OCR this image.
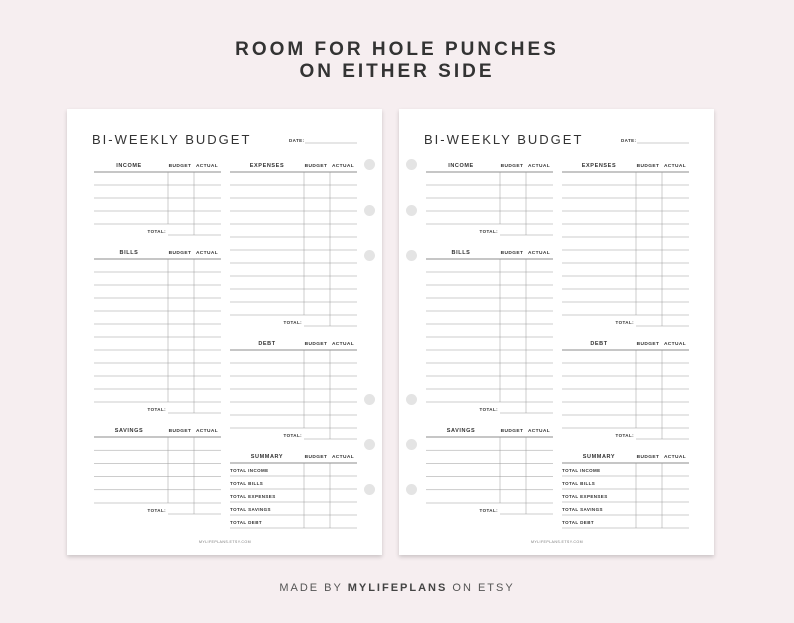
ROOM FOR HOLE PUNCHES
ON EITHER SIDE
BI-WEEKLY BUDGET	DATE:
INCOME	BUDGET ACTUAL
TOTAL:
BILLS	BUDGET ACTUAL
TOTAL:
SAVINGS	BUDGET ACTUAL
TOTAL:
EXPENSES	BUDGET ACTUAL
TOTAL:
DEBT	BUDGET ACTUAL
TOTAL:
SUMMARY	BUDGET ACTUAL
TOTAL INCOME
TOTAL BILLS
TOTAL EXPENSES
TOTAL SAVINGS
TOTAL DEBT
MYLIFEPLANS.ETSY.COM
BI-WEEKLY BUDGET	DATE:
INCOME	BUDGET ACTUAL
TOTAL:
BILLS	BUDGET ACTUAL
TOTAL:
SAVINGS	BUDGET ACTUAL
TOTAL:
EXPENSES	BUDGET ACTUAL
TOTAL:
DEBT	BUDGET ACTUAL
TOTAL:
SUMMARY	BUDGET ACTUAL
TOTAL INCOME
TOTAL BILLS
TOTAL EXPENSES
TOTAL SAVINGS
TOTAL DEBT
MYLIFEPLANS.ETSY.COM
MADE BY MYLIFEPLANS ON ETSY
